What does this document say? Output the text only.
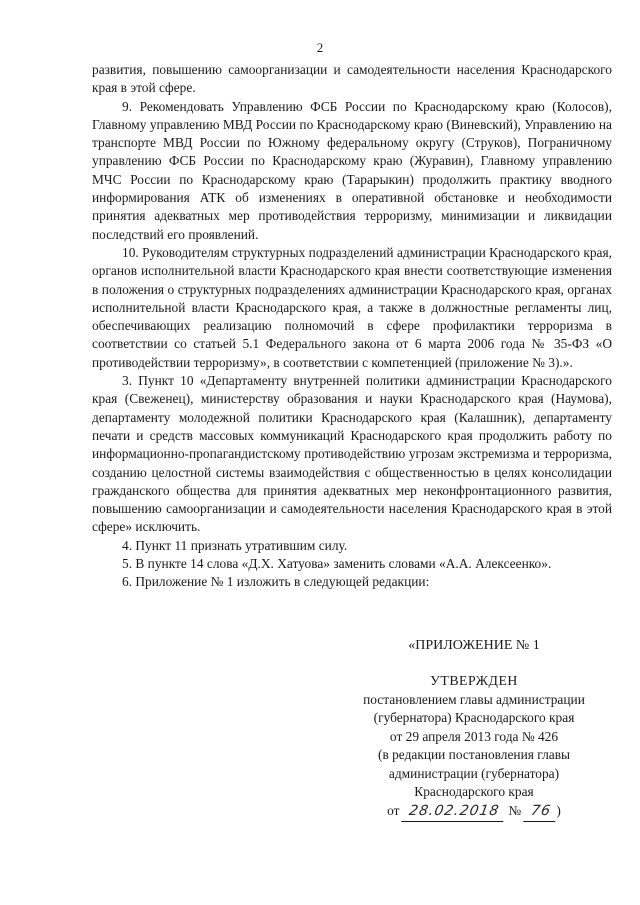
2

развития, повышению самоорганизации и самодеятельности населения Краснодарского края в этой сфере.

9. Рекомендовать Управлению ФСБ России по Краснодарскому краю (Колосов), Главному управлению МВД России по Краснодарскому краю (Виневский), Управлению на транспорте МВД России по Южному федеральному округу (Струков), Пограничному управлению ФСБ России по Краснодарскому краю (Журавин), Главному управлению МЧС России по Краснодарскому краю (Тарарыкин) продолжить практику вводного информирования АТК об изменениях в оперативной обстановке и необходимости принятия адекватных мер противодействия терроризму, минимизации и ликвидации последствий его проявлений.

10. Руководителям структурных подразделений администрации Краснодарского края, органов исполнительной власти Краснодарского края внести соответствующие изменения в положения о структурных подразделениях администрации Краснодарского края, органах исполнительной власти Краснодарского края, а также в должностные регламенты лиц, обеспечивающих реализацию полномочий в сфере профилактики терроризма в соответствии со статьей 5.1 Федерального закона от 6 марта 2006 года № 35-ФЗ «О противодействии терроризму», в соответствии с компетенцией (приложение № 3).».

3. Пункт 10 «Департаменту внутренней политики администрации Краснодарского края (Свеженец), министерству образования и науки Краснодарского края (Наумова), департаменту молодежной политики Краснодарского края (Калашник), департаменту печати и средств массовых коммуникаций Краснодарского края продолжить работу по информационно-пропагандистскому противодействию угрозам экстремизма и терроризма, созданию целостной системы взаимодействия с общественностью в целях консолидации гражданского общества для принятия адекватных мер неконфронтационного развития, повышению самоорганизации и самодеятельности населения Краснодарского края в этой сфере» исключить.

4. Пункт 11 признать утратившим силу.

5. В пункте 14 слова «Д.Х. Хатуова» заменить словами «А.А. Алексеенко».

6. Приложение № 1 изложить в следующей редакции:

«ПРИЛОЖЕНИЕ № 1
УТВЕРЖДЕН
постановлением главы администрации
(губернатора) Краснодарского края
от 29 апреля 2013 года № 426
(в редакции постановления главы
администрации (губернатора)
Краснодарского края
от 28.02.2018 № 76 )
